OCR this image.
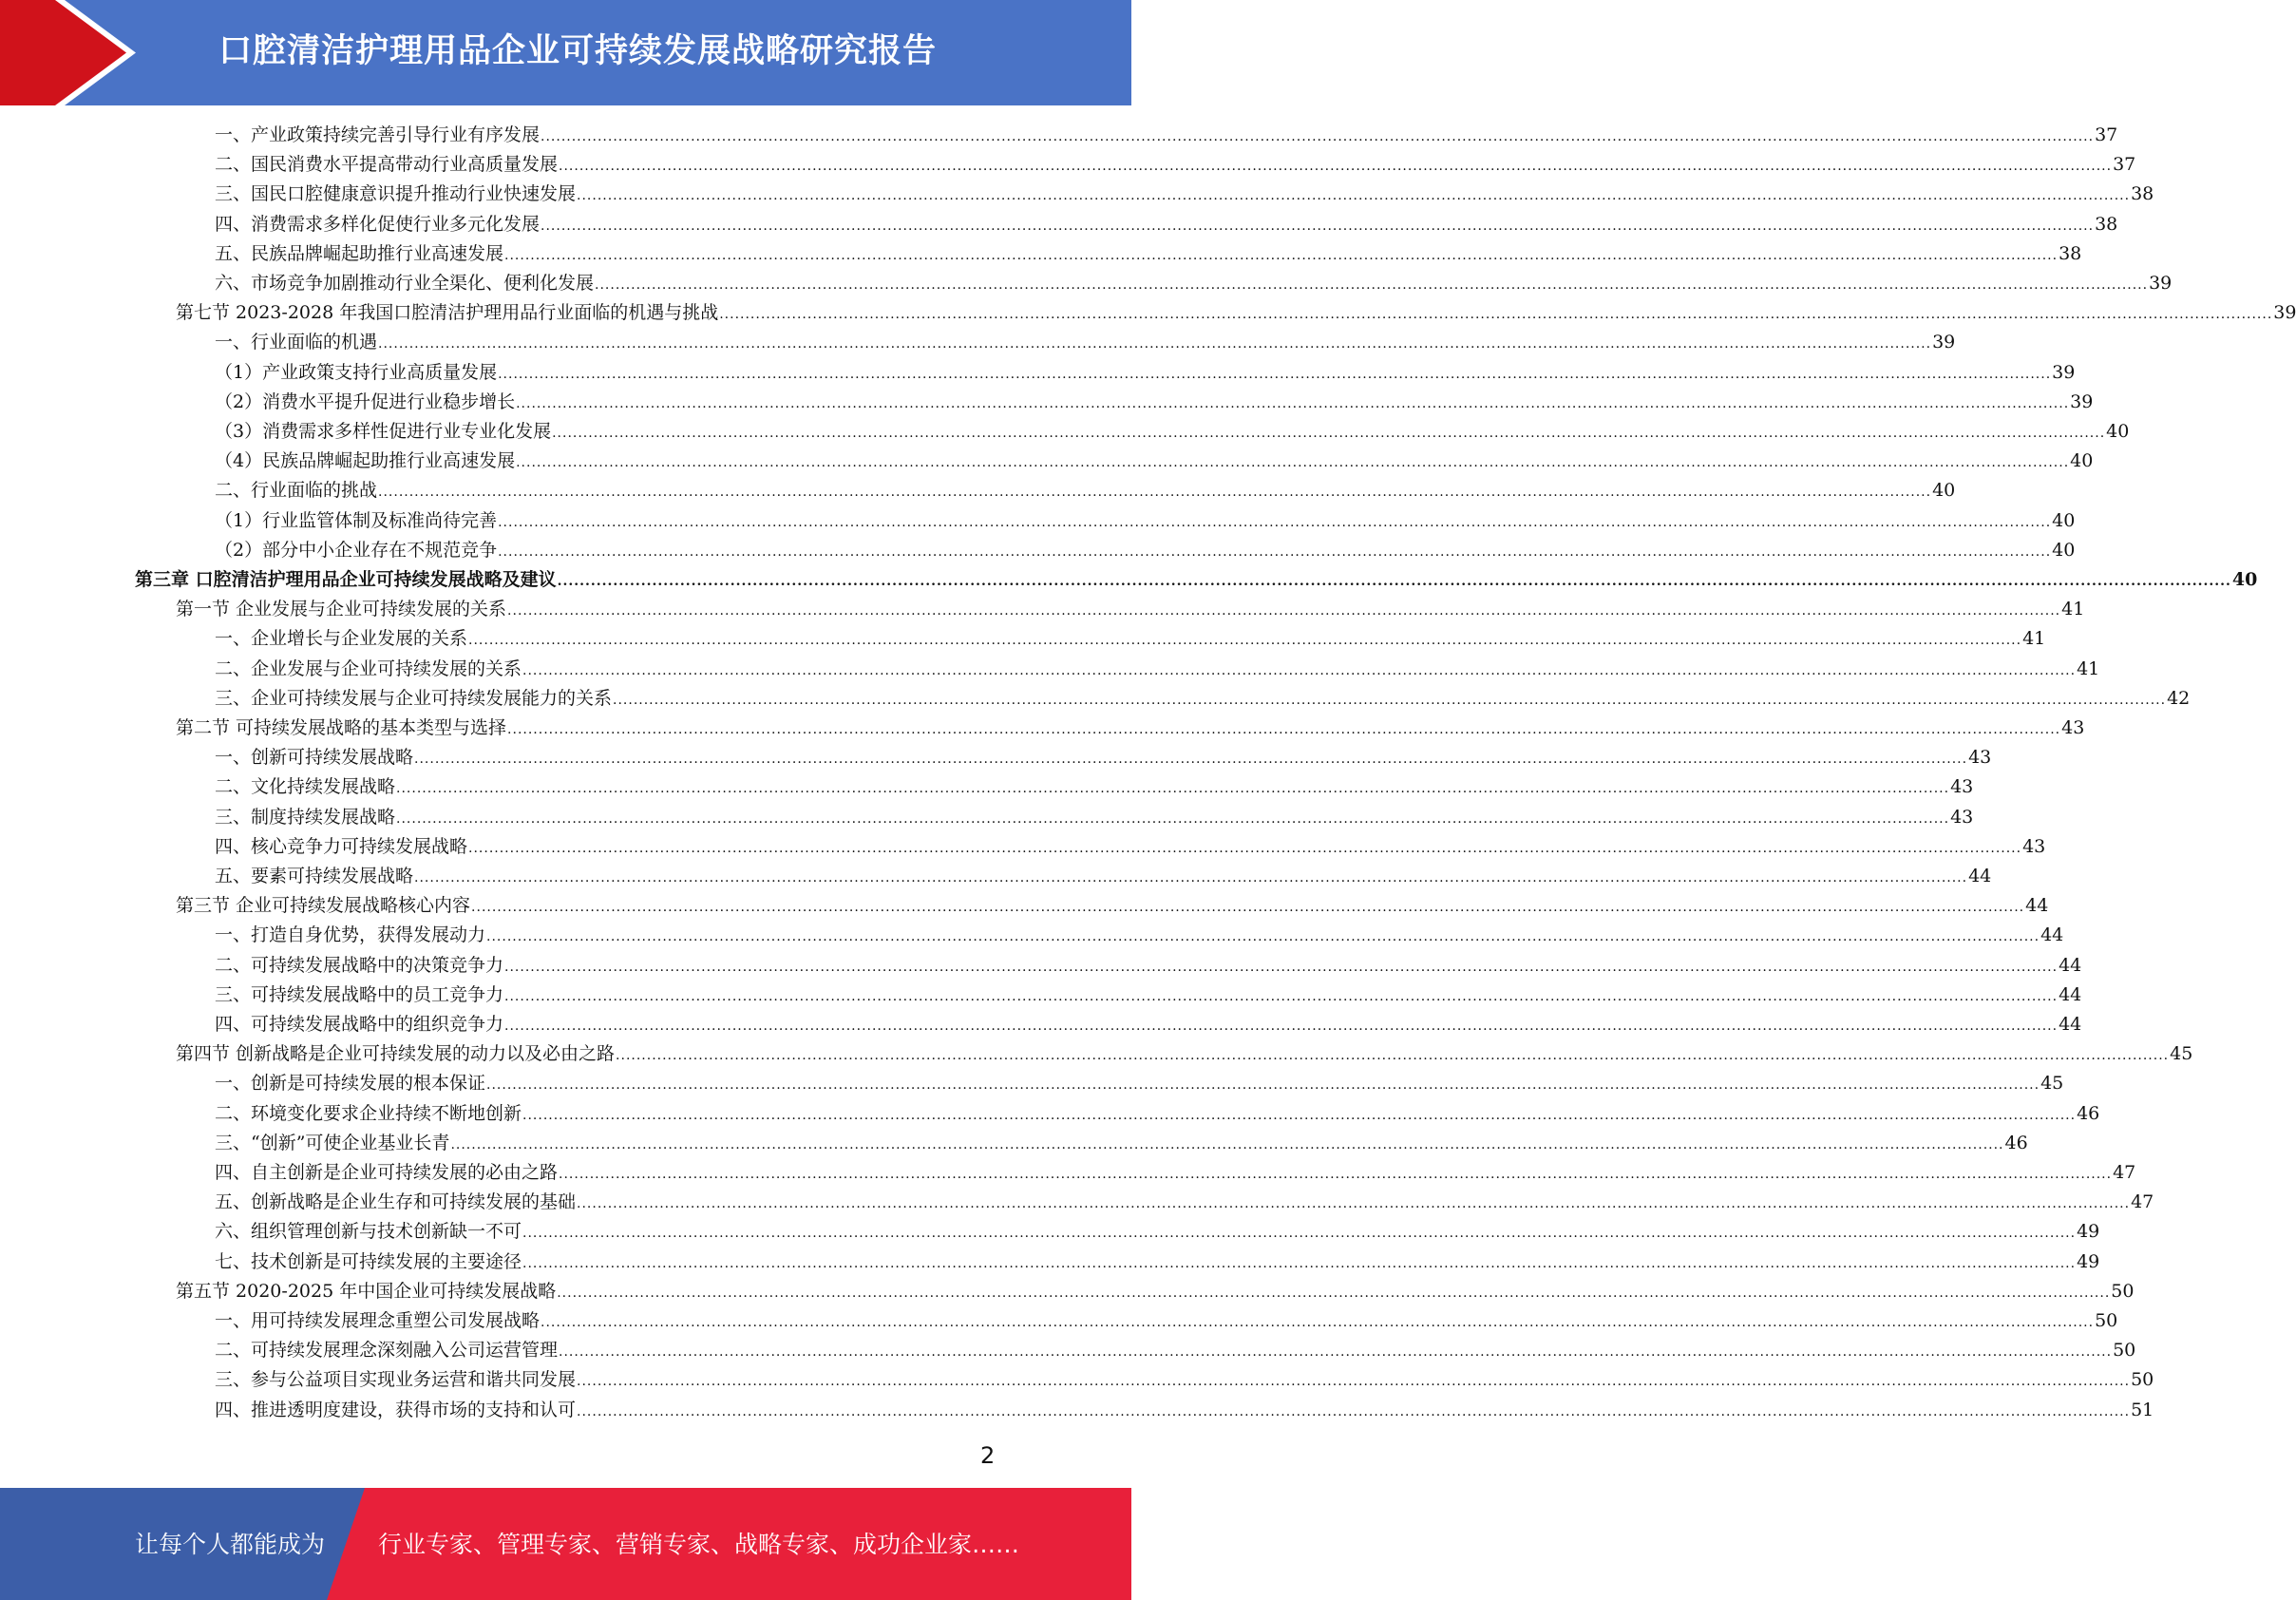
口腔清洁护理用品企业可持续发展战略研究报告
一、产业政策持续完善引导行业有序发展 ............................................................................................................................................................................................................................................................................................................ 37
二、国民消费水平提高带动行业高质量发展 ............................................................................................................................................................................................................................................................................................................ 37
三、国民口腔健康意识提升推动行业快速发展 ............................................................................................................................................................................................................................................................................................................ 38
四、消费需求多样化促使行业多元化发展 ............................................................................................................................................................................................................................................................................................................ 38
五、民族品牌崛起助推行业高速发展 ............................................................................................................................................................................................................................................................................................................ 38
六、市场竞争加剧推动行业全渠化、便利化发展 ............................................................................................................................................................................................................................................................................................................ 39
第七节 2023-2028 年我国口腔清洁护理用品行业面临的机遇与挑战 ............................................................................................................................................................................................................................................................................................................ 39
一、行业面临的机遇 ............................................................................................................................................................................................................................................................................................................ 39
（1）产业政策支持行业高质量发展 ............................................................................................................................................................................................................................................................................................................ 39
（2）消费水平提升促进行业稳步增长 ............................................................................................................................................................................................................................................................................................................ 39
（3）消费需求多样性促进行业专业化发展 ............................................................................................................................................................................................................................................................................................................ 40
（4）民族品牌崛起助推行业高速发展 ............................................................................................................................................................................................................................................................................................................ 40
二、行业面临的挑战 ............................................................................................................................................................................................................................................................................................................ 40
（1）行业监管体制及标准尚待完善 ............................................................................................................................................................................................................................................................................................................ 40
（2）部分中小企业存在不规范竞争 ............................................................................................................................................................................................................................................................................................................ 40
第三章 口腔清洁护理用品企业可持续发展战略及建议 ............................................................................................................................................................................................................................................................................................................ 40
第一节 企业发展与企业可持续发展的关系 ............................................................................................................................................................................................................................................................................................................ 41
一、企业增长与企业发展的关系 ............................................................................................................................................................................................................................................................................................................ 41
二、企业发展与企业可持续发展的关系 ............................................................................................................................................................................................................................................................................................................ 41
三、企业可持续发展与企业可持续发展能力的关系 ............................................................................................................................................................................................................................................................................................................ 42
第二节 可持续发展战略的基本类型与选择 ............................................................................................................................................................................................................................................................................................................ 43
一、创新可持续发展战略 ............................................................................................................................................................................................................................................................................................................ 43
二、文化持续发展战略 ............................................................................................................................................................................................................................................................................................................ 43
三、制度持续发展战略 ............................................................................................................................................................................................................................................................................................................ 43
四、核心竞争力可持续发展战略 ............................................................................................................................................................................................................................................................................................................ 43
五、要素可持续发展战略 ............................................................................................................................................................................................................................................................................................................ 44
第三节 企业可持续发展战略核心内容 ............................................................................................................................................................................................................................................................................................................ 44
一、打造自身优势，获得发展动力 ............................................................................................................................................................................................................................................................................................................ 44
二、可持续发展战略中的决策竞争力 ............................................................................................................................................................................................................................................................................................................ 44
三、可持续发展战略中的员工竞争力 ............................................................................................................................................................................................................................................................................................................ 44
四、可持续发展战略中的组织竞争力 ............................................................................................................................................................................................................................................................................................................ 44
第四节 创新战略是企业可持续发展的动力以及必由之路 ............................................................................................................................................................................................................................................................................................................ 45
一、创新是可持续发展的根本保证 ............................................................................................................................................................................................................................................................................................................ 45
二、环境变化要求企业持续不断地创新 ............................................................................................................................................................................................................................................................................................................ 46
三、“创新”可使企业基业长青 ............................................................................................................................................................................................................................................................................................................ 46
四、自主创新是企业可持续发展的必由之路 ............................................................................................................................................................................................................................................................................................................ 47
五、创新战略是企业生存和可持续发展的基础 ............................................................................................................................................................................................................................................................................................................ 47
六、组织管理创新与技术创新缺一不可 ............................................................................................................................................................................................................................................................................................................ 49
七、技术创新是可持续发展的主要途径 ............................................................................................................................................................................................................................................................................................................ 49
第五节 2020-2025 年中国企业可持续发展战略 ............................................................................................................................................................................................................................................................................................................ 50
一、用可持续发展理念重塑公司发展战略 ............................................................................................................................................................................................................................................................................................................ 50
二、可持续发展理念深刻融入公司运营管理 ............................................................................................................................................................................................................................................................................................................ 50
三、参与公益项目实现业务运营和谐共同发展 ............................................................................................................................................................................................................................................................................................................ 50
四、推进透明度建设，获得市场的支持和认可 ............................................................................................................................................................................................................................................................................................................ 51
2
让每个人都能成为 行业专家、管理专家、营销专家、战略专家、成功企业家……
